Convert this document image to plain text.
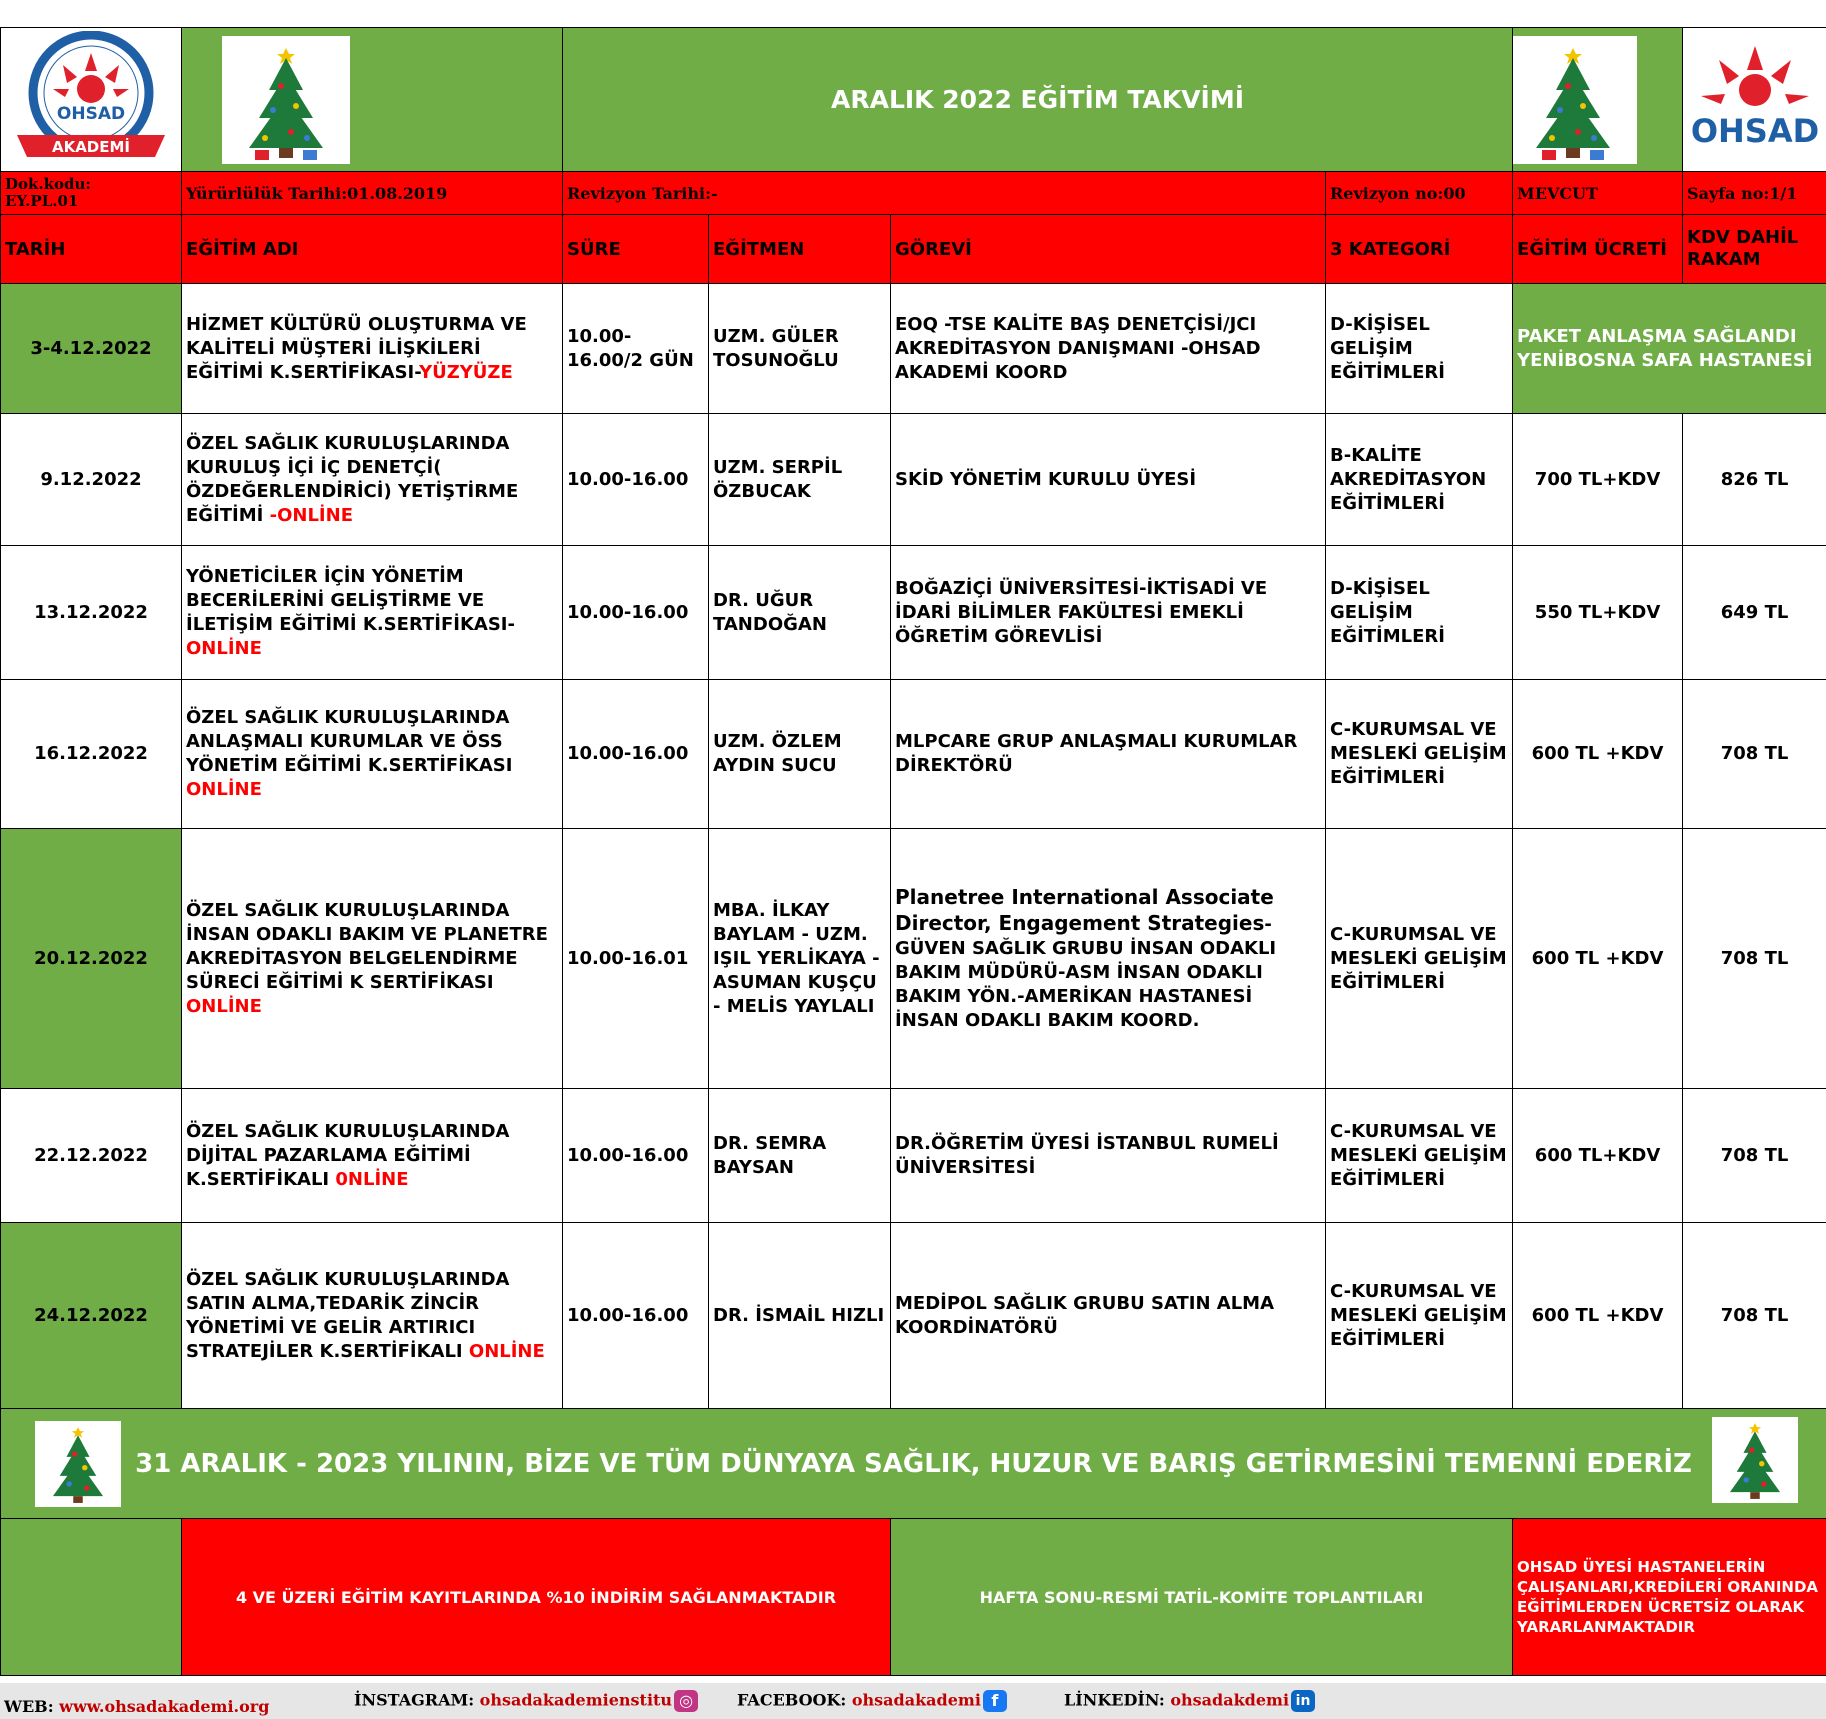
OHSAD
AKADEMİ		ARALIK 2022 EĞİTİM TAKVİMİ					OHSAD

Dok.kodu:
EY.PL.01	Yürürlülük Tarihi:01.08.2019	Revizyon Tarihi:-			Revizyon no:00	MEVCUT	Sayfa no:1/1
TARİH	EĞİTİM ADI	SÜRE	EĞİTMEN	GÖREVİ	3 KATEGORİ	EĞİTİM ÜCRETİ	KDV DAHİL RAKAM
3-4.12.2022	HİZMET KÜLTÜRÜ OLUŞTURMA VE KALİTELİ MÜŞTERİ İLİŞKİLERİ EĞİTİMİ K.SERTİFİKASI-YÜZYÜZE	10.00-16.00/2 GÜN	UZM. GÜLER TOSUNOĞLU	EOQ -TSE KALİTE BAŞ DENETÇİSİ/JCI AKREDİTASYON DANIŞMANI -OHSAD AKADEMİ KOORD	D-KİŞİSEL GELİŞİM EĞİTİMLERİ	PAKET ANLAŞMA SAĞLANDI YENİBOSNA SAFA HASTANESİ	
9.12.2022	ÖZEL SAĞLIK KURULUŞLARINDA KURULUŞ İÇİ İÇ DENETÇİ( ÖZDEĞERLENDİRİCİ) YETİŞTİRME EĞİTİMİ -ONLİNE	10.00-16.00	UZM. SERPİL ÖZBUCAK	SKİD YÖNETİM KURULU ÜYESİ	B-KALİTE AKREDİTASYON EĞİTİMLERİ	700 TL+KDV	826 TL
13.12.2022	YÖNETİCİLER İÇİN YÖNETİM BECERİLERİNİ GELİŞTİRME VE İLETİŞİM EĞİTİMİ K.SERTİFİKASI-ONLİNE	10.00-16.00	DR. UĞUR TANDOĞAN	BOĞAZİÇİ ÜNİVERSİTESİ-İKTİSADİ VE İDARİ BİLİMLER FAKÜLTESİ EMEKLİ ÖĞRETİM GÖREVLİSİ	D-KİŞİSEL GELİŞİM EĞİTİMLERİ	550 TL+KDV	649 TL
16.12.2022	ÖZEL SAĞLIK KURULUŞLARINDA ANLAŞMALI KURUMLAR VE ÖSS YÖNETİM EĞİTİMİ K.SERTİFİKASI ONLİNE	10.00-16.00	UZM. ÖZLEM AYDIN SUCU	MLPCARE GRUP ANLAŞMALI KURUMLAR DİREKTÖRÜ	C-KURUMSAL VE MESLEKİ GELİŞİM EĞİTİMLERİ	600 TL +KDV	708 TL
20.12.2022	ÖZEL SAĞLIK KURULUŞLARINDA İNSAN ODAKLI BAKIM VE PLANETRE AKREDİTASYON BELGELENDİRME SÜRECİ EĞİTİMİ K SERTİFİKASI ONLİNE	10.00-16.01	MBA. İLKAY BAYLAM - UZM. IŞIL YERLİKAYA - ASUMAN KUŞÇU - MELİS YAYLALI	Planetree International Associate Director, Engagement Strategies-GÜVEN SAĞLIK GRUBU İNSAN ODAKLI BAKIM MÜDÜRÜ-ASM İNSAN ODAKLI BAKIM YÖN.-AMERİKAN HASTANESİ İNSAN ODAKLI BAKIM KOORD.	C-KURUMSAL VE MESLEKİ GELİŞİM EĞİTİMLERİ	600 TL +KDV	708 TL
22.12.2022	ÖZEL SAĞLIK KURULUŞLARINDA DİJİTAL PAZARLAMA EĞİTİMİ K.SERTİFİKALI 0NLİNE	10.00-16.00	DR. SEMRA BAYSAN	DR.ÖĞRETİM ÜYESİ İSTANBUL RUMELİ ÜNİVERSİTESİ	C-KURUMSAL VE MESLEKİ GELİŞİM EĞİTİMLERİ	600 TL+KDV	708 TL
24.12.2022	ÖZEL SAĞLIK KURULUŞLARINDA SATIN ALMA,TEDARİK ZİNCİR YÖNETİMİ VE GELİR ARTIRICI STRATEJİLER K.SERTİFİKALI ONLİNE	10.00-16.00	DR. İSMAİL HIZLI	MEDİPOL SAĞLIK GRUBU SATIN ALMA KOORDİNATÖRÜ	C-KURUMSAL VE MESLEKİ GELİŞİM EĞİTİMLERİ	600 TL +KDV	708 TL

31 ARALIK - 2023 YILININ, BİZE VE TÜM DÜNYAYA SAĞLIK, HUZUR VE BARIŞ GETİRMESİNİ TEMENNİ EDERİZ							

	4 VE ÜZERİ EĞİTİM KAYITLARINDA %10 İNDİRİM SAĞLANMAKTADIR			HAFTA SONU-RESMİ TATİL-KOMİTE TOPLANTILARI		OHSAD ÜYESİ HASTANELERİN ÇALIŞANLARI,KREDİLERİ ORANINDA EĞİTİMLERDEN ÜCRETSİZ OLARAK YARARLANMAKTADIR	
WEB: www.ohsadakademi.org	İNSTAGRAM: ohsadakademienstitu ◎	FACEBOOK: ohsadakademi f	LİNKEDİN: ohsadakdemi in
